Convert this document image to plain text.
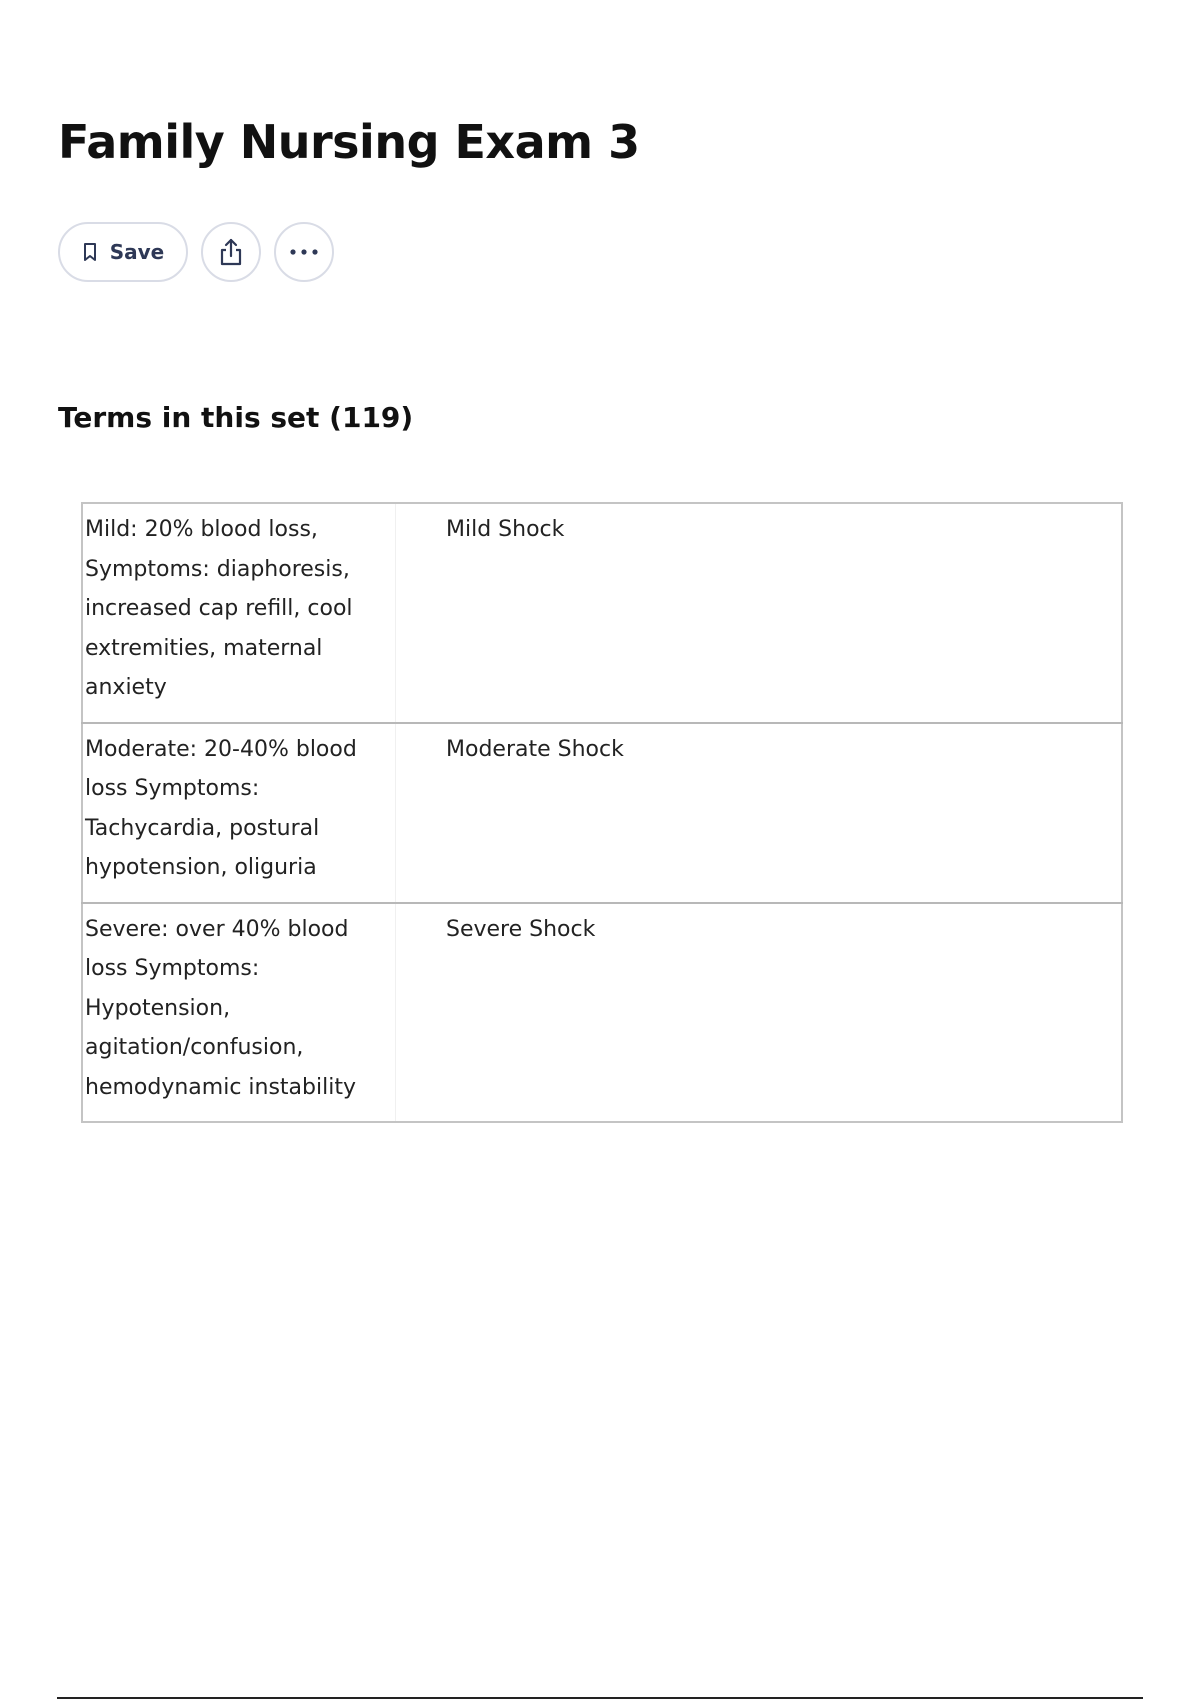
Family Nursing Exam 3
Save
Terms in this set (119)
Mild: 20% blood loss, Symptoms: diaphoresis, increased cap refill, cool extremities, maternal anxiety	Mild Shock
Moderate: 20-40% blood loss Symptoms: Tachycardia, postural hypotension, oliguria	Moderate Shock
Severe: over 40% blood loss Symptoms: Hypotension, agitation/confusion, hemodynamic instability	Severe Shock
